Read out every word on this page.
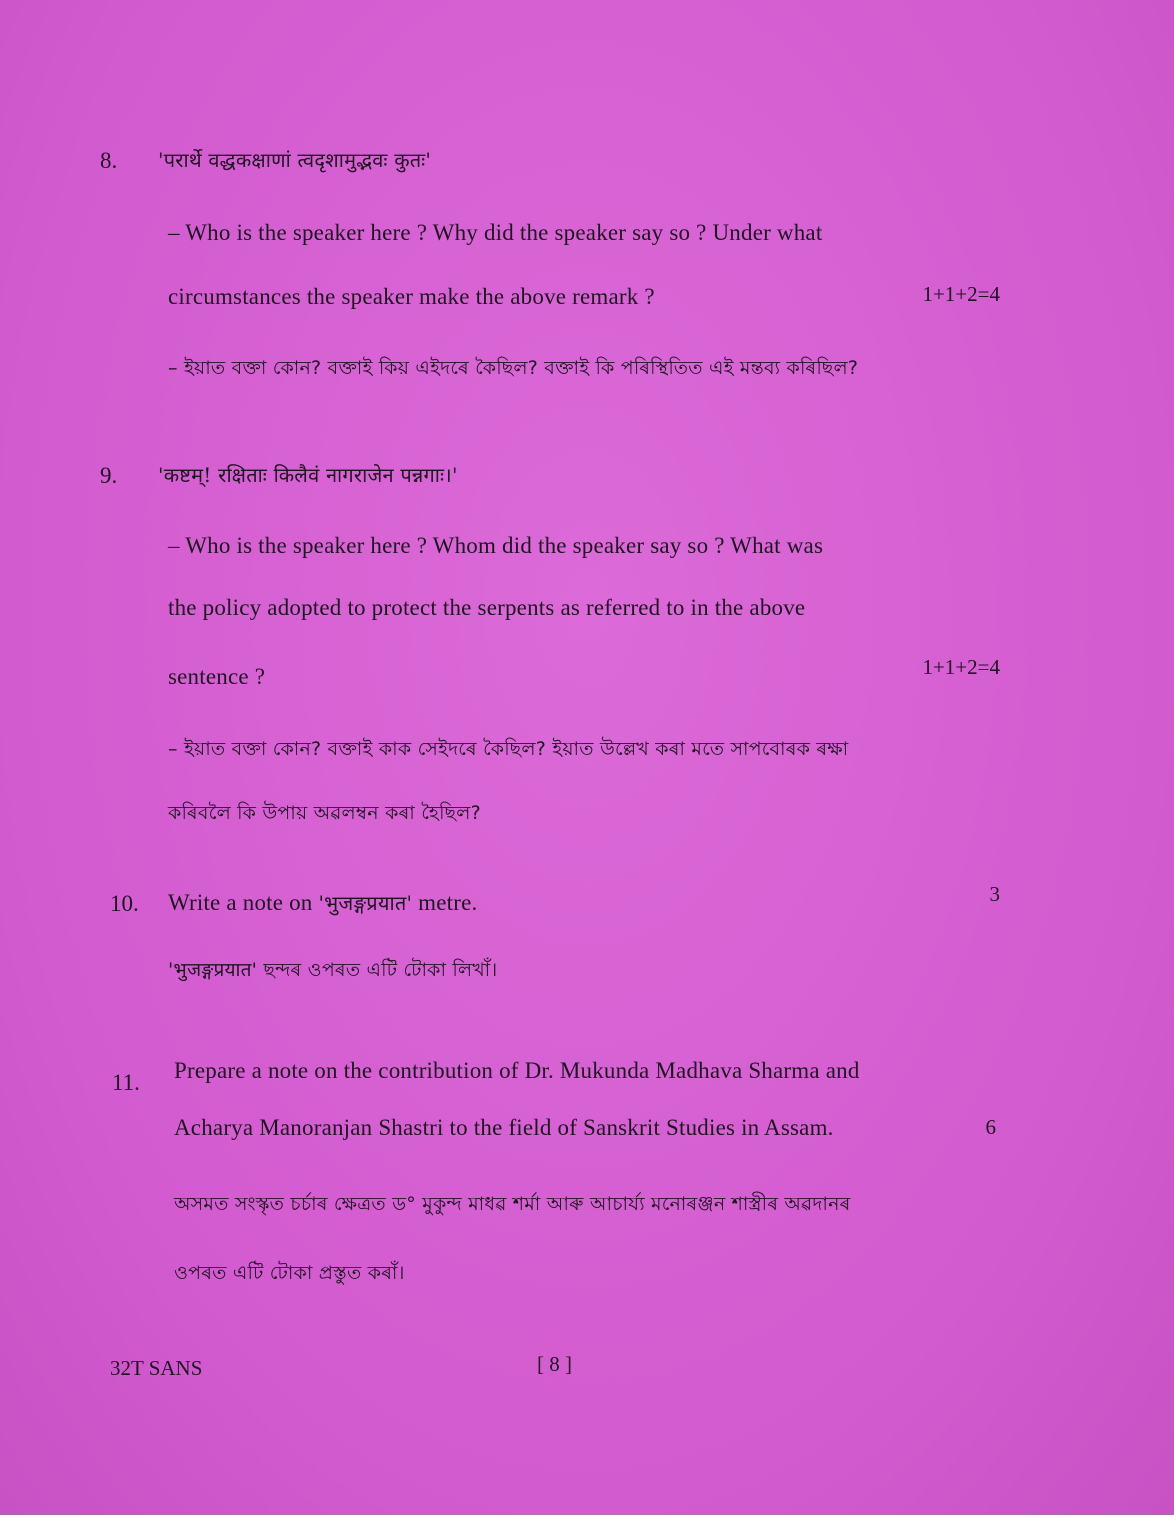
8. 'परार्थे वद्धकक्षाणां त्वदृशामुद्भवः कुतः'
– Who is the speaker here ? Why did the speaker say so ? Under what
circumstances the speaker make the above remark ?	1+1+2=4
– ইয়াত বক্তা কোন? বক্তাই কিয় এইদৰে কৈছিল? বক্তাই কি পৰিস্থিতিত এই মন্তব্য কৰিছিল?
9. 'कष्टम्! रक्षिताः किलैवं नागराजेन पन्नगाः।'
– Who is the speaker here ? Whom did the speaker say so ? What was
the policy adopted to protect the serpents as referred to in the above
sentence ?	1+1+2=4
– ইয়াত বক্তা কোন? বক্তাই কাক সেইদৰে কৈছিল? ইয়াত উল্লেখ কৰা মতে সাপবোৰক ৰক্ষা
কৰিবলৈ কি উপায় অৱলম্বন কৰা হৈছিল?
10. Write a note on 'भुजङ्गप्रयात' metre.	3
'भुजङ्गप्रयात' ছন্দৰ ওপৰত এটি টোকা লিখাঁ।
11. Prepare a note on the contribution of Dr. Mukunda Madhava Sharma and
Acharya Manoranjan Shastri to the field of Sanskrit Studies in Assam.	6
অসমত সংস্কৃত চৰ্চাৰ ক্ষেত্ৰত ড° মুকুন্দ মাধৱ শৰ্মা আৰু আচাৰ্য্য মনোৰঞ্জন শাস্ত্ৰীৰ অৱদানৰ
ওপৰত এটি টোকা প্ৰস্তুত কৰাঁ।
32T SANS	[ 8 ]
